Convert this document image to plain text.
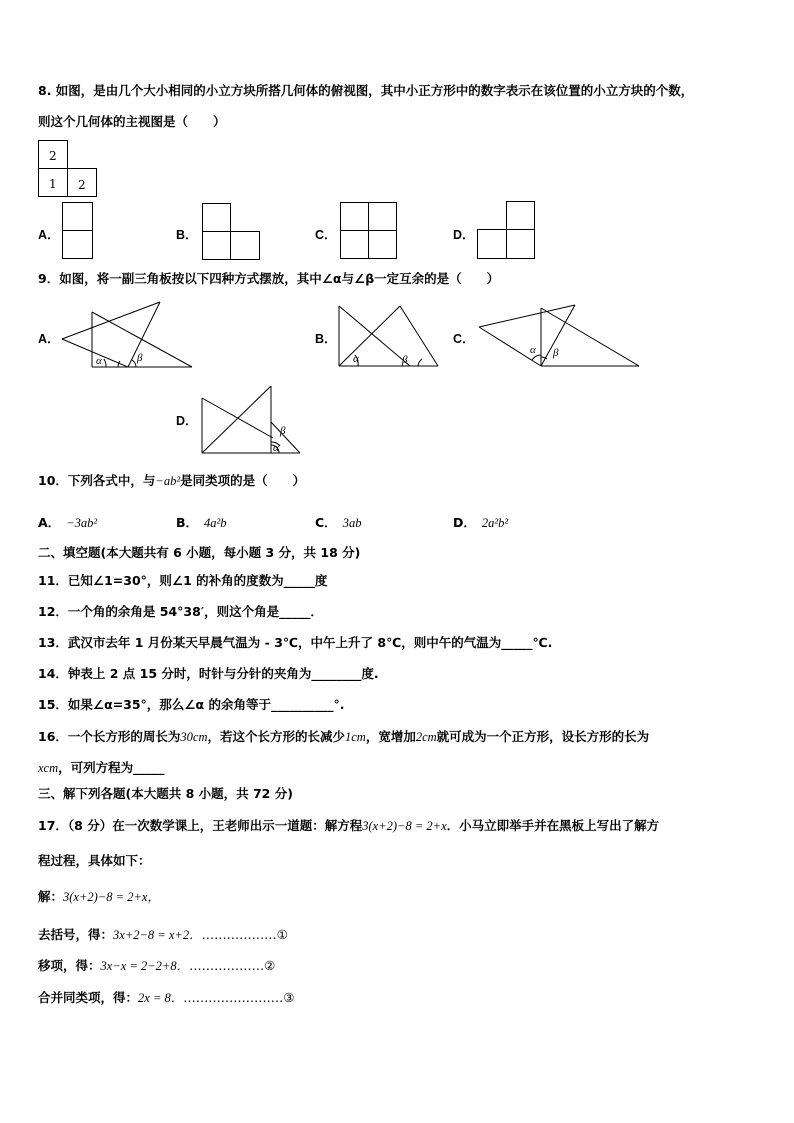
8. 如图，是由几个大小相同的小立方块所搭几何体的俯视图，其中小正方形中的数字表示在该位置的小立方块的个数，
则这个几何体的主视图是（　　）
2
1 2
A．	B．	C．	D．
9．如图，将一副三角板按以下四种方式摆放，其中∠α与∠β一定互余的是（　　）
A．
α	β
B．
α	β
C．
α β
D．
β
α
10．下列各式中，与−ab²是同类项的是（　　）
A． −3ab²	B． 4a²b	C． 3ab	D． 2a²b²
二、填空题(本大题共有 6 小题，每小题 3 分，共 18 分)
11．已知∠1=30°，则∠1 的补角的度数为_____度
12．一个角的余角是 54°38′，则这个角是_____．
13．武汉市去年 1 月份某天早晨气温为 - 3℃，中午上升了 8℃，则中午的气温为_____℃.
14．钟表上 2 点 15 分时，时针与分针的夹角为________度.
15．如果∠α=35°，那么∠α 的余角等于__________°.
16．一个长方形的周长为30cm，若这个长方形的长减少1cm，宽增加2cm就可成为一个正方形，设长方形的长为
xcm，可列方程为_____
三、解下列各题(本大题共 8 小题，共 72 分)
17．（8 分）在一次数学课上，王老师出示一道题：解方程3(x+2)−8 = 2+x．小马立即举手并在黑板上写出了解方
程过程，具体如下：
解：3(x+2)−8 = 2+x，
去括号，得：3x+2−8 = x+2．………………①
移项，得：3x−x = 2−2+8．………………②
合并同类项，得：2x = 8．……………………③
